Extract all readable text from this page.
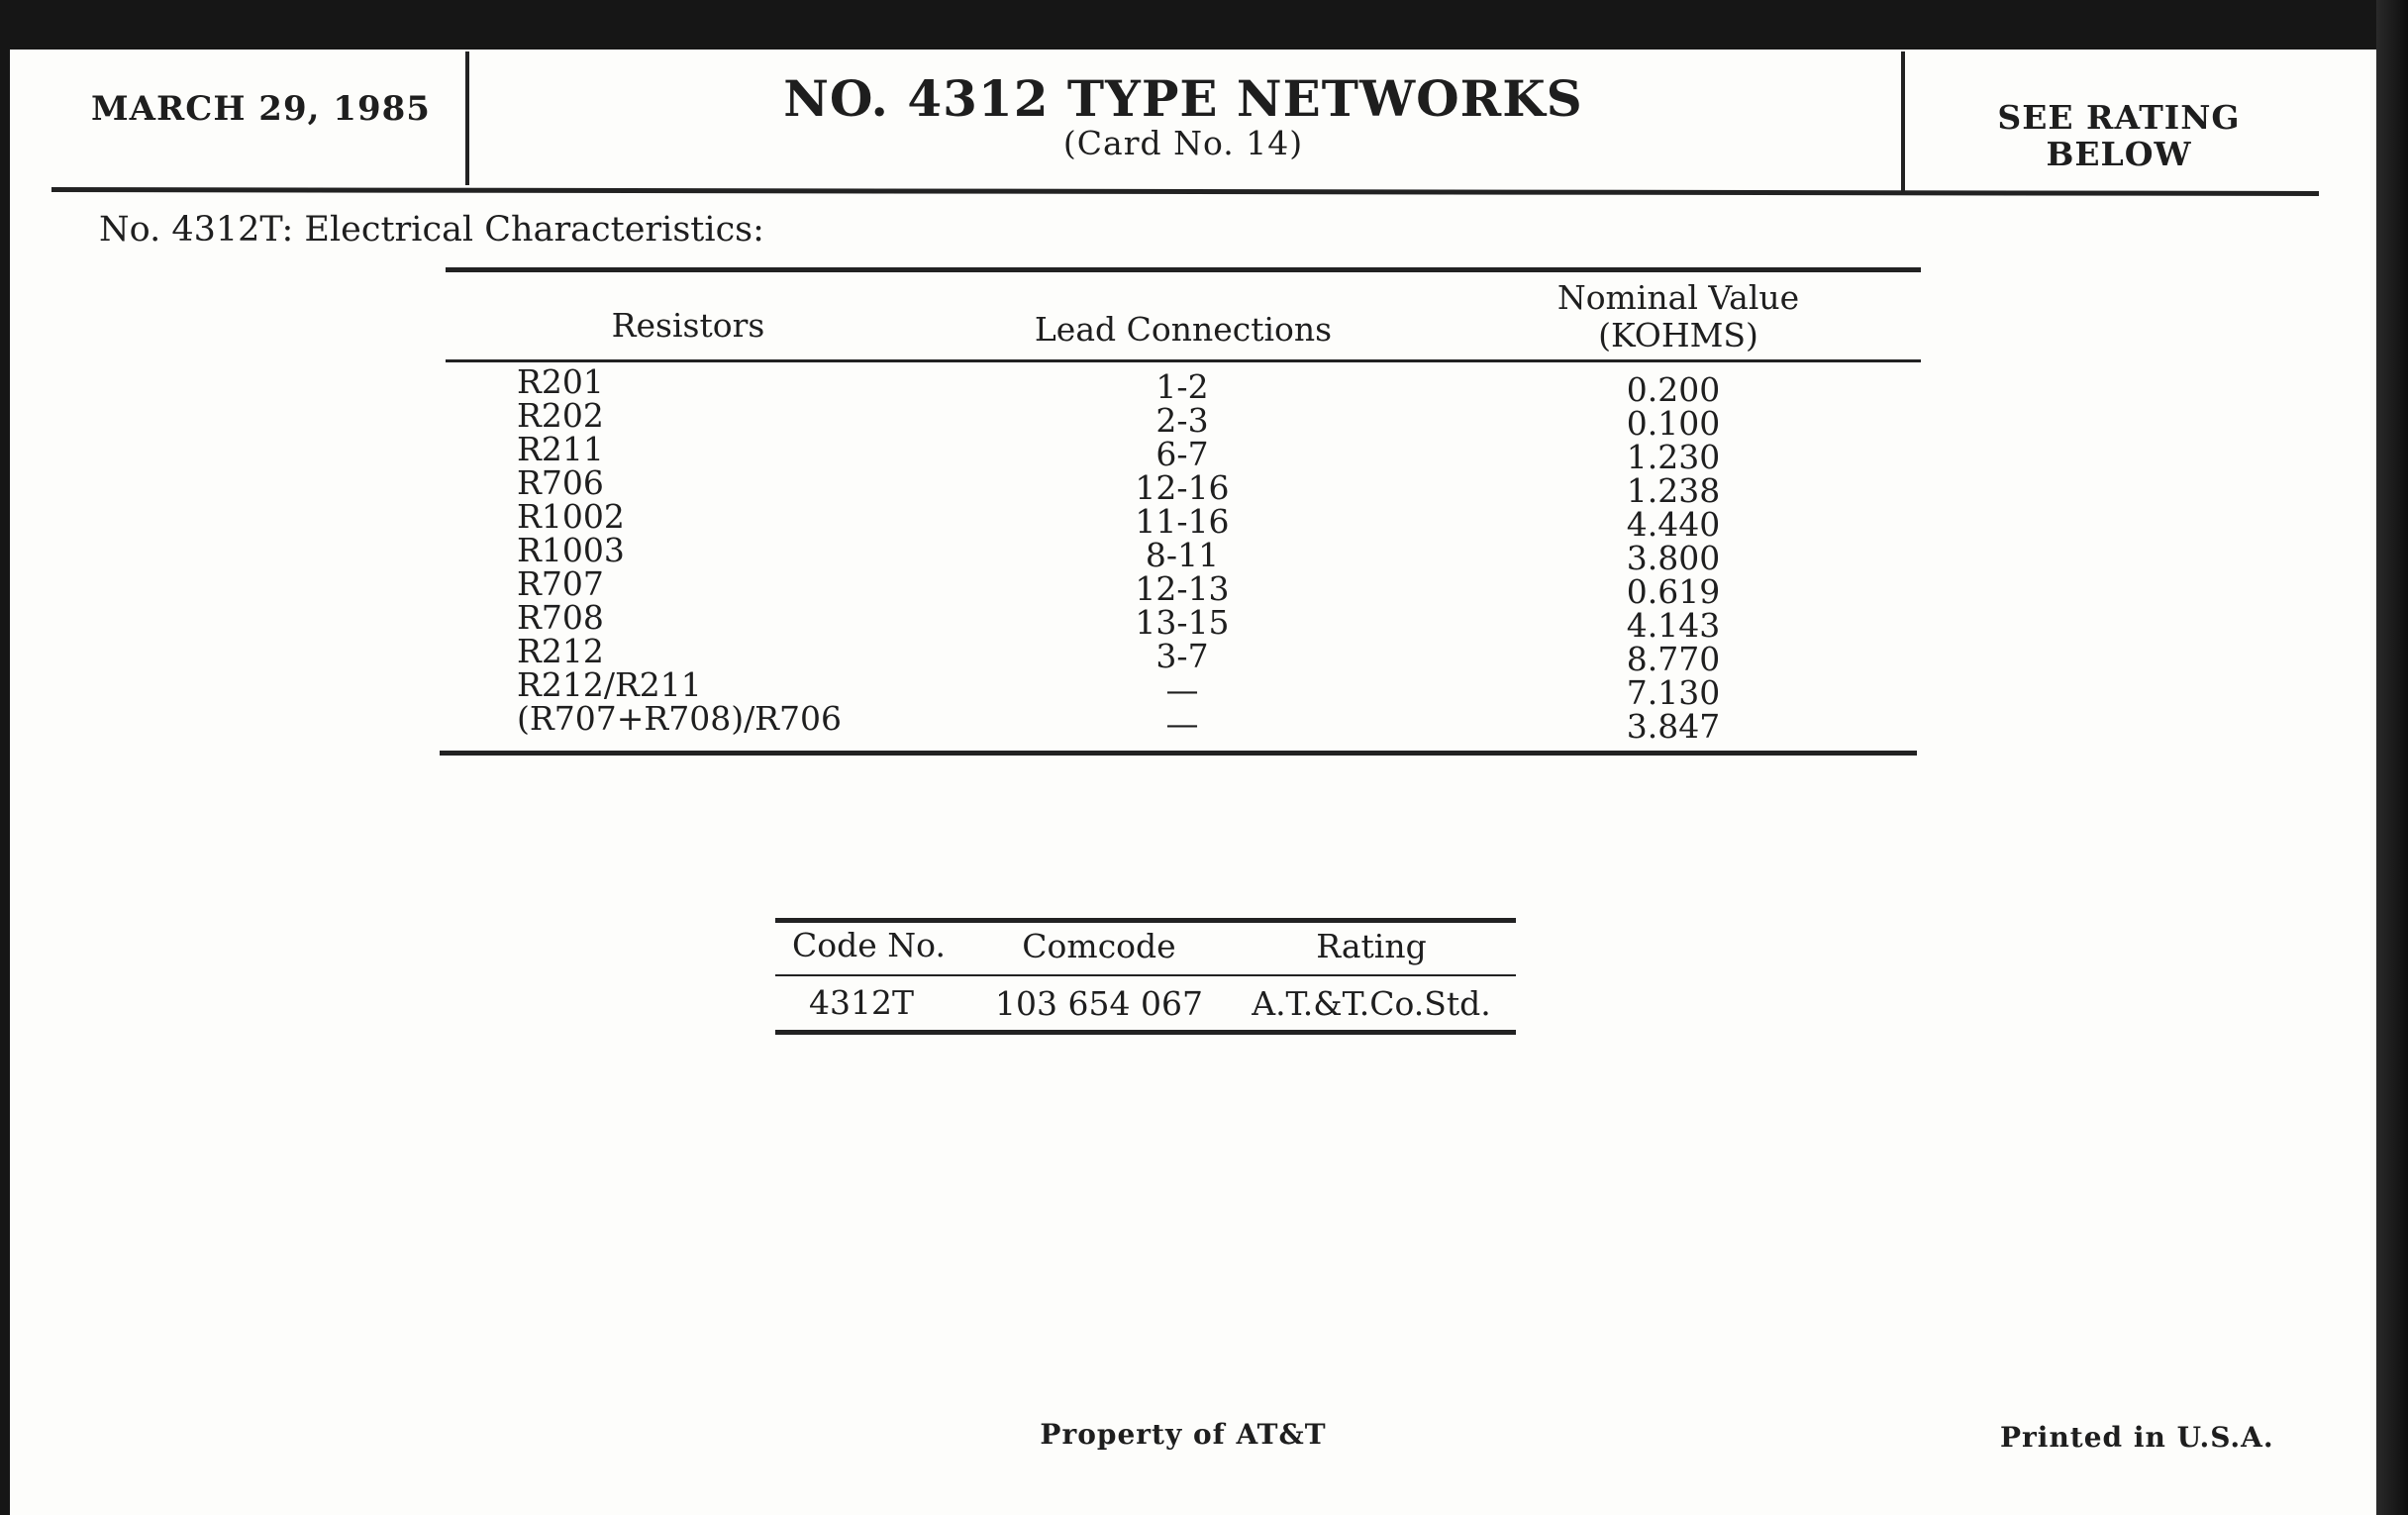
MARCH 29, 1985	NO. 4312 TYPE NETWORKS
(Card No. 14)
SEE RATING
BELOW
No. 4312T: Electrical Characteristics:
Resistors	Lead Connections
Nominal Value
(KOHMS)
R201	1-2	0.200
R202	2-3	0.100
R211	6-7	1.230
R706	12-16	1.238
R1002	11-16	4.440
R1003	8-11	3.800
R707	12-13	0.619
R708	13-15	4.143
R212	3-7	8.770
R212/R211	—	7.130
(R707+R708)/R706	—	3.847
Code No.	Comcode	Rating
4312T	103 654 067	A.T.&T.Co.Std.
Property of AT&T	Printed in U.S.A.
